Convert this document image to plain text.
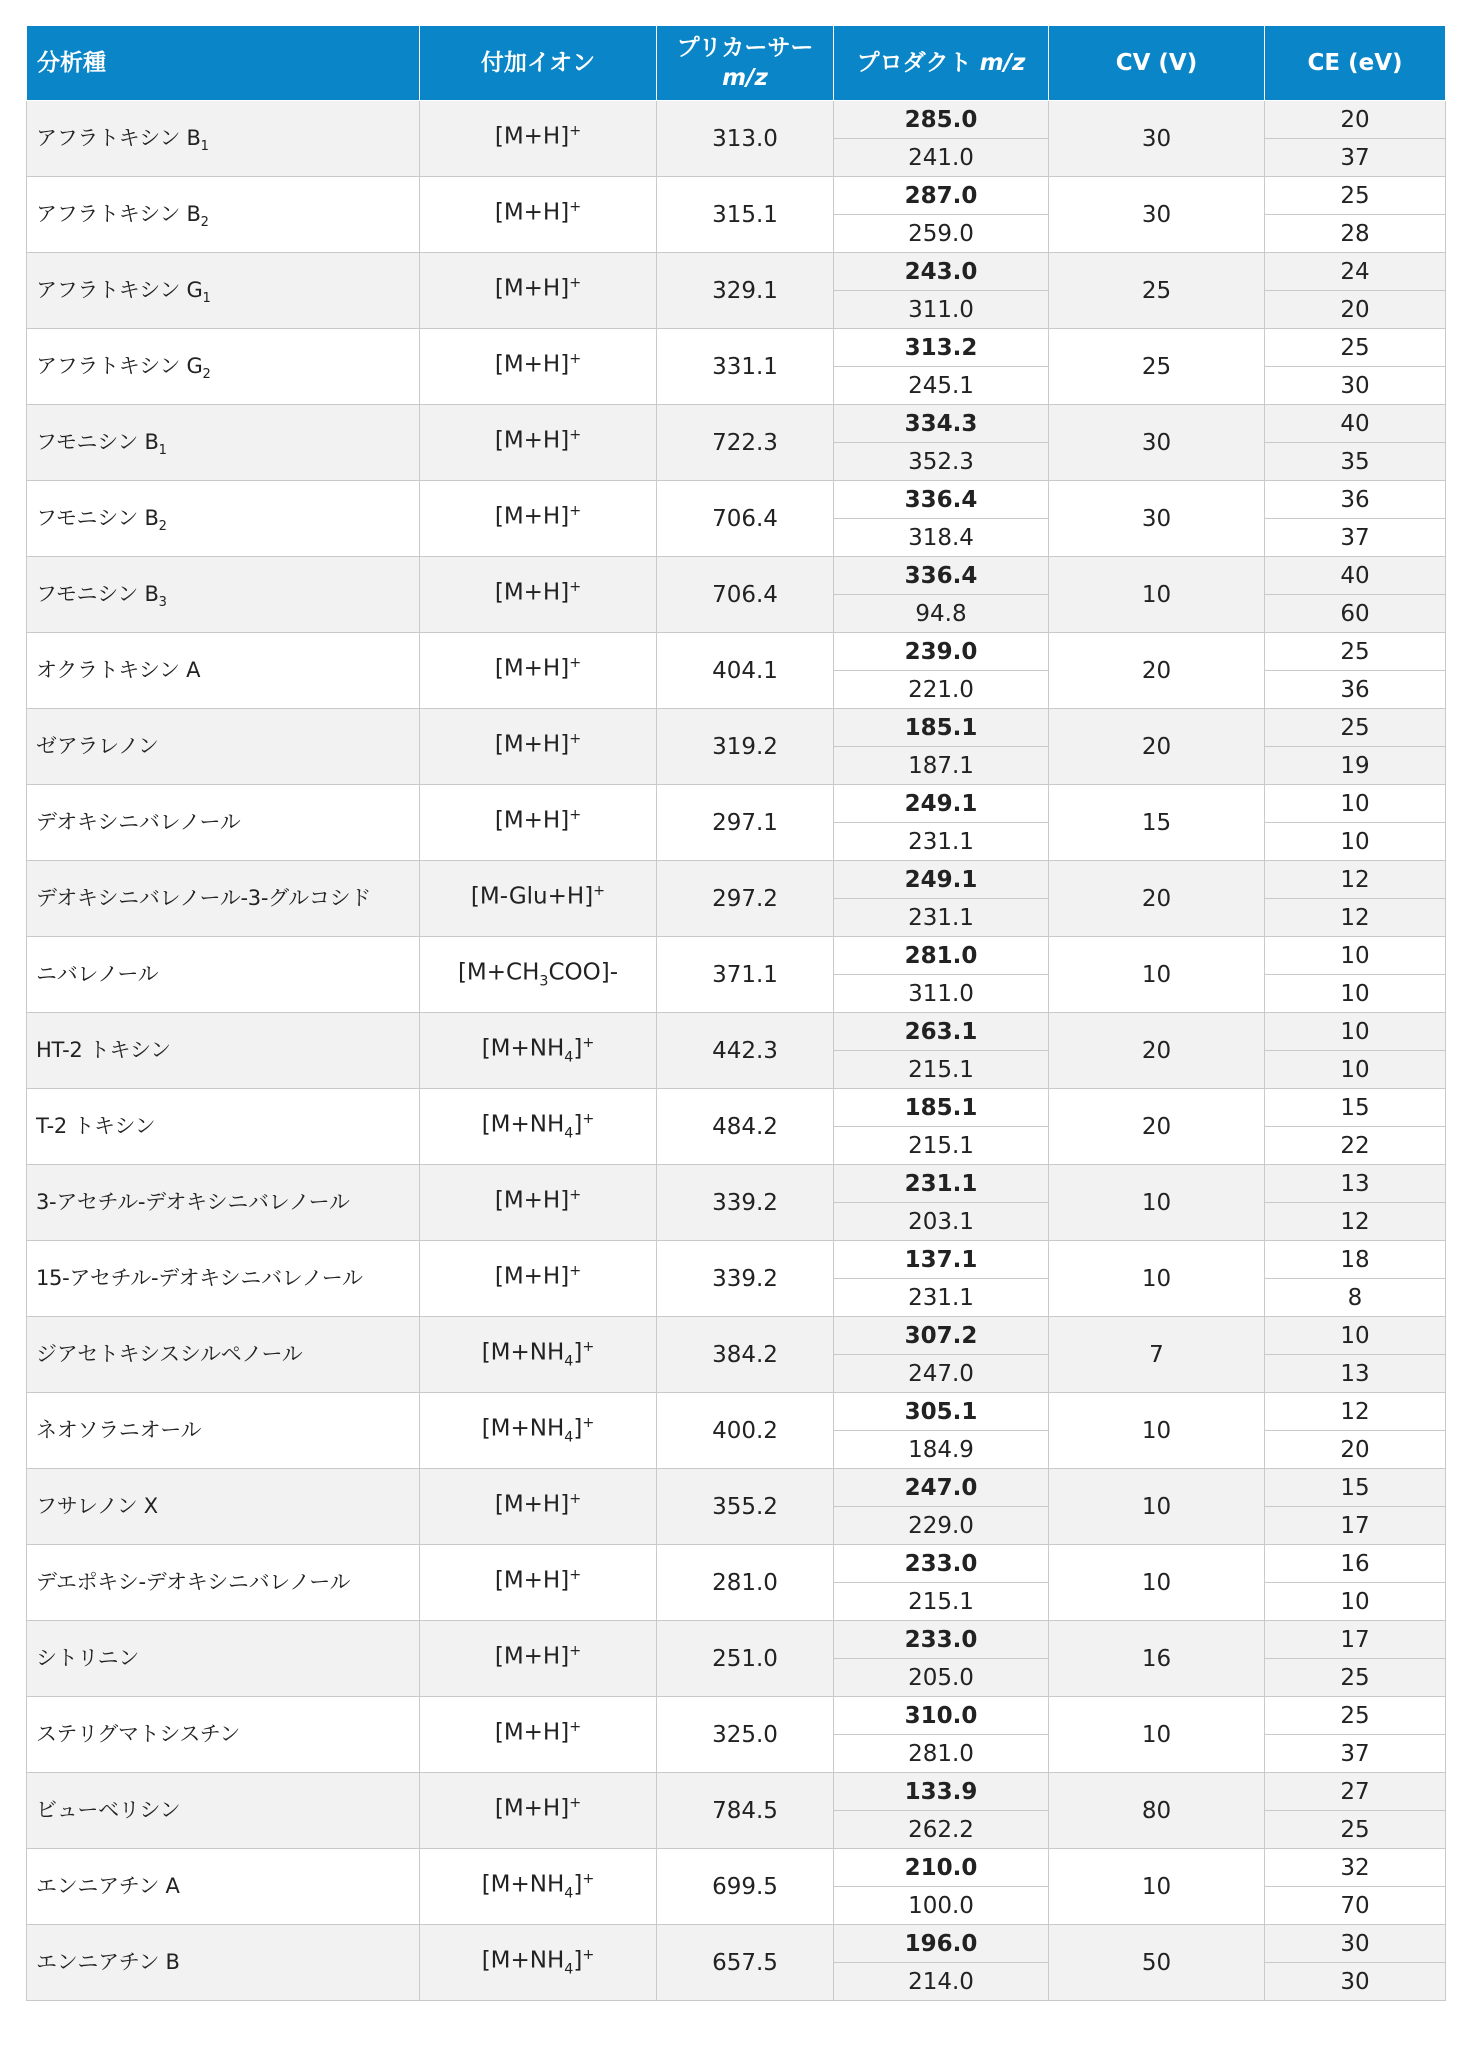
分析種	付加イオン	プリカーサー
m/z	プロダクト m/z	CV (V)	CE (eV)
アフラトキシン $B_1$	[M+H]+	313.0	285.0	30	20
			241.0		37
アフラトキシン $B_2$	[M+H]+	315.1	287.0	30	25
			259.0		28
アフラトキシン $G_1$	[M+H]+	329.1	243.0	25	24
			311.0		20
アフラトキシン $G_2$	[M+H]+	331.1	313.2	25	25
			245.1		30
フモニシン $B_1$	[M+H]+	722.3	334.3	30	40
			352.3		35
フモニシン $B_2$	[M+H]+	706.4	336.4	30	36
			318.4		37
フモニシン $B_3$	[M+H]+	706.4	336.4	10	40
			94.8		60
オクラトキシン A	[M+H]+	404.1	239.0	20	25
			221.0		36
ゼアラレノン	[M+H]+	319.2	185.1	20	25
			187.1		19
デオキシニバレノール	[M+H]+	297.1	249.1	15	10
			231.1		10
デオキシニバレノール-3-グルコシド	[M-Glu+H]+	297.2	249.1	20	12
			231.1		12
ニバレノール	$[M+CH_3COO]-$	371.1	281.0	10	10
			311.0		10
HT-2 トキシン	$[M+NH_4]^+$	442.3	263.1	20	10
			215.1		10
T-2 トキシン	$[M+NH_4]^+$	484.2	185.1	20	15
			215.1		22
3-アセチル-デオキシニバレノール	[M+H]+	339.2	231.1	10	13
			203.1		12
15-アセチル-デオキシニバレノール	[M+H]+	339.2	137.1	10	18
			231.1		8
ジアセトキシスシルペノール	$[M+NH_4]^+$	384.2	307.2	7	10
			247.0		13
ネオソラニオール	$[M+NH_4]^+$	400.2	305.1	10	12
			184.9		20
フサレノン X	[M+H]+	355.2	247.0	10	15
			229.0		17
デエポキシ-デオキシニバレノール	[M+H]+	281.0	233.0	10	16
			215.1		10
シトリニン	[M+H]+	251.0	233.0	16	17
			205.0		25
ステリグマトシスチン	[M+H]+	325.0	310.0	10	25
			281.0		37
ビューベリシン	[M+H]+	784.5	133.9	80	27
			262.2		25
エンニアチン A	$[M+NH_4]^+$	699.5	210.0	10	32
			100.0		70
エンニアチン B	$[M+NH_4]^+$	657.5	196.0	50	30
			214.0		30
